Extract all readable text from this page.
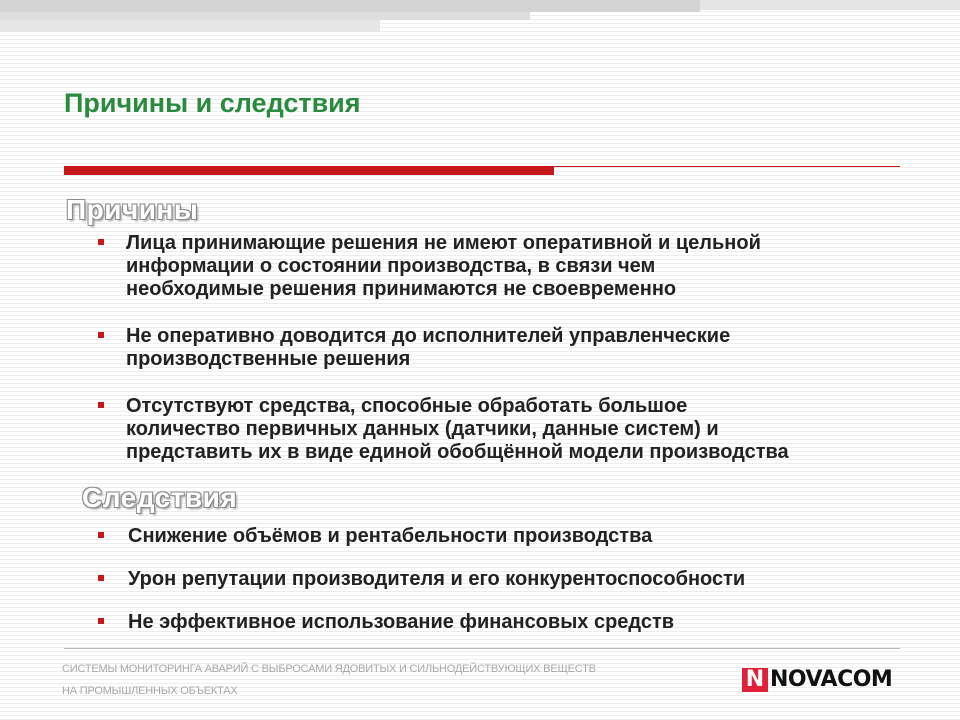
Причины и следствия
Причины
Лица принимающие решения не имеют оперативной и цельной
информации о состоянии производства, в связи чем
необходимые решения принимаются не своевременно
Не оперативно доводится до исполнителей управленческие
производственные решения
Отсутствуют средства, способные обработать большое
количество первичных данных (датчики, данные систем) и
представить их в виде единой обобщённой модели производства
Следствия
Снижение объёмов и рентабельности производства
Урон репутации производителя и его конкурентоспособности
Не эффективное использование финансовых средств

СИСТЕМЫ МОНИТОРИНГА АВАРИЙ С ВЫБРОСАМИ ЯДОВИТЫХ И СИЛЬНОДЕЙСТВУЮЩИХ ВЕЩЕСТВ

НА ПРОМЫШЛЕННЫХ ОБЪЕКТАХ	N NOVACOM
